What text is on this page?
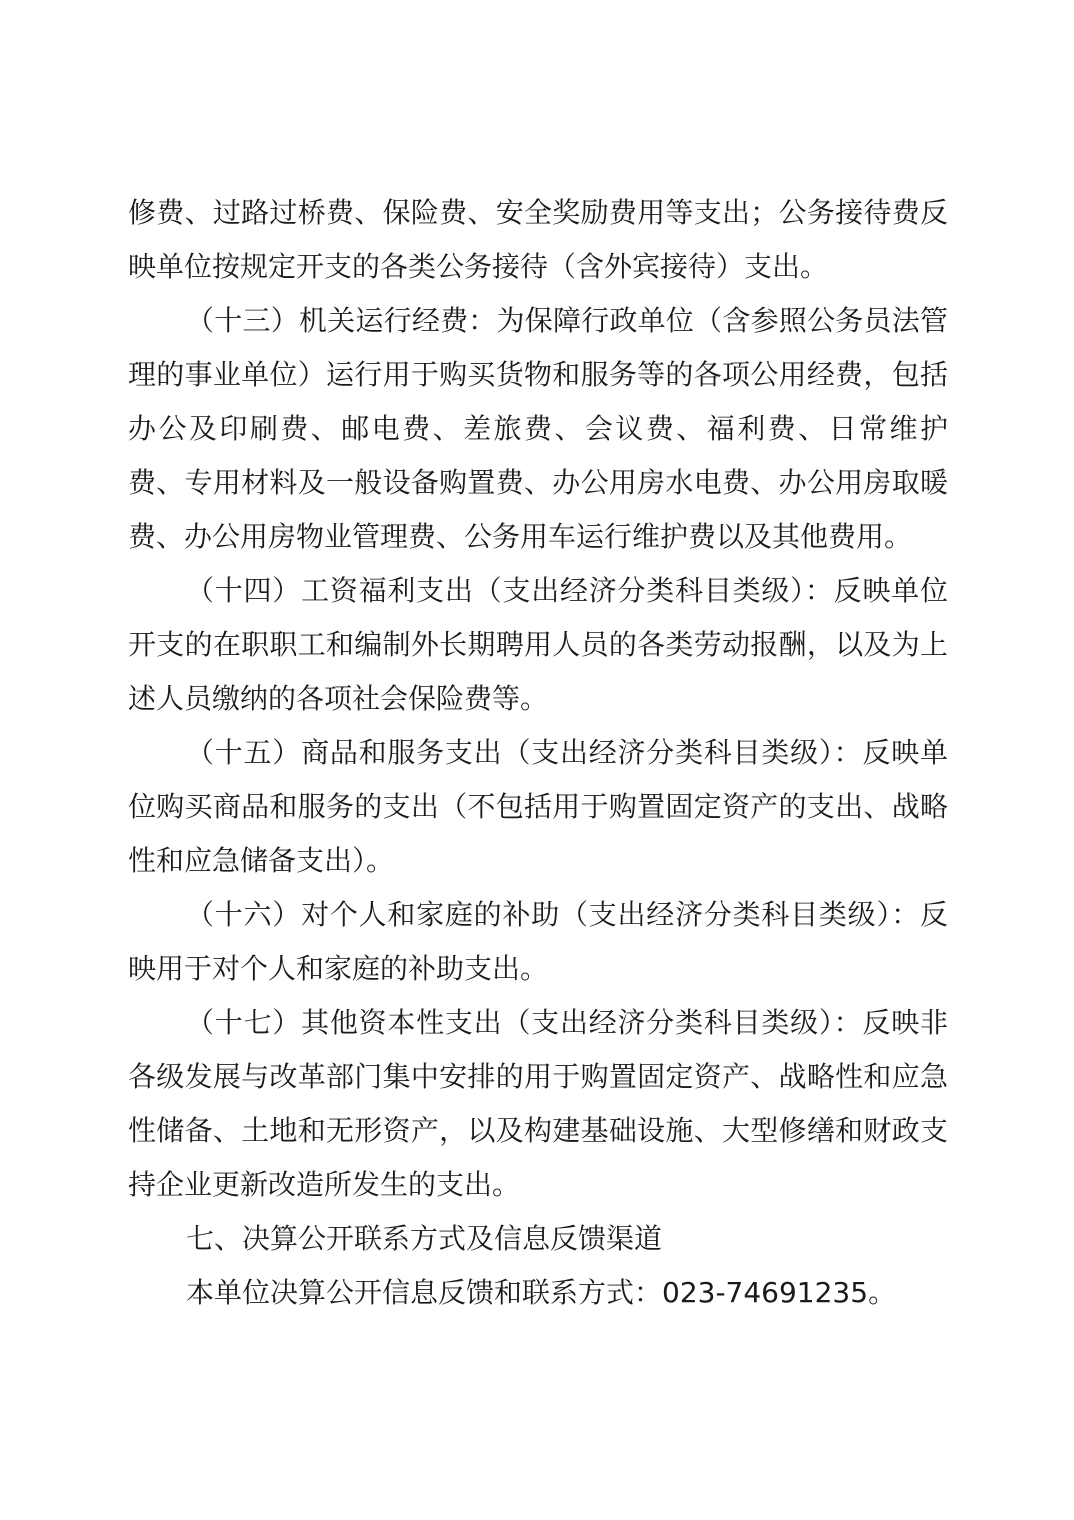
修费、过路过桥费、保险费、安全奖励费用等支出；公务接待费反映单位按规定开支的各类公务接待（含外宾接待）支出。

（十三）机关运行经费：为保障行政单位（含参照公务员法管理的事业单位）运行用于购买货物和服务等的各项公用经费，包括办公及印刷费、邮电费、差旅费、会议费、福利费、日常维护 费、专用材料及一般设备购置费、办公用房水电费、办公用房取暖费、办公用房物业管理费、公务用车运行维护费以及其他费用。

（十四）工资福利支出（支出经济分类科目类级）：反映单位开支的在职职工和编制外长期聘用人员的各类劳动报酬，以及为上述人员缴纳的各项社会保险费等。

（十五）商品和服务支出（支出经济分类科目类级）：反映单位购买商品和服务的支出（不包括用于购置固定资产的支出、战略性和应急储备支出）。

（十六）对个人和家庭的补助（支出经济分类科目类级）：反映用于对个人和家庭的补助支出。

（十七）其他资本性支出（支出经济分类科目类级）：反映非各级发展与改革部门集中安排的用于购置固定资产、战略性和应急性储备、土地和无形资产，以及构建基础设施、大型修缮和财政支持企业更新改造所发生的支出。

七、决算公开联系方式及信息反馈渠道

本单位决算公开信息反馈和联系方式：023-74691235。
